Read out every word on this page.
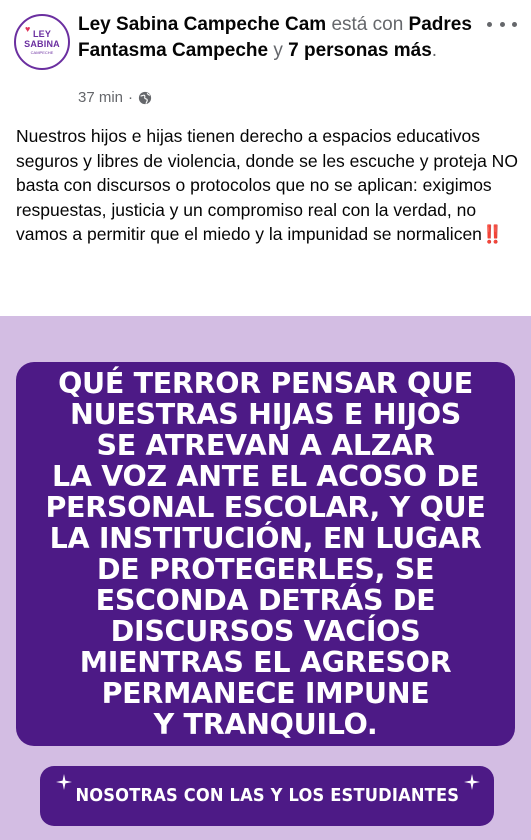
♥ LEY
SABINA
CAMPECHE
Ley Sabina Campeche Cam está con Padres Fantasma Campeche y 7 personas más.
37 min ·
Nuestros hijos e hijas tienen derecho a espacios educativos seguros y libres de violencia, donde se les escuche y proteja NO basta con discursos o protocolos que no se aplican: exigimos respuestas, justicia y un compromiso real con la verdad, no vamos a permitir que el miedo y la impunidad se normalicen‼️
QUÉ TERROR PENSAR QUE
NUESTRAS HIJAS E HIJOS
SE ATREVAN A ALZAR
LA VOZ ANTE EL ACOSO DE
PERSONAL ESCOLAR, Y QUE
LA INSTITUCIÓN, EN LUGAR
DE PROTEGERLES, SE
ESCONDA DETRÁS DE
DISCURSOS VACÍOS
MIENTRAS EL AGRESOR
PERMANECE IMPUNE
Y TRANQUILO.
NOSOTRAS CON LAS Y LOS ESTUDIANTES
